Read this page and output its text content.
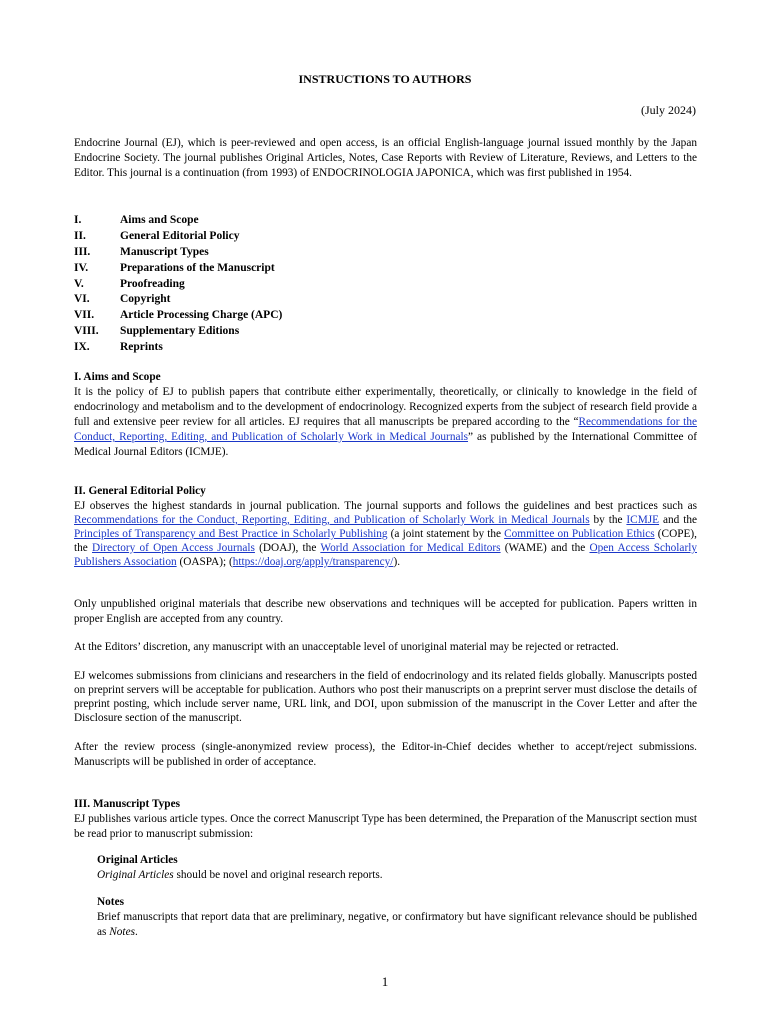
INSTRUCTIONS TO AUTHORS
(July 2024)

Endocrine Journal (EJ), which is peer-reviewed and open access, is an official English-language journal issued monthly by the Japan Endocrine Society. The journal publishes Original Articles, Notes, Case Reports with Review of Literature, Reviews, and Letters to the Editor. This journal is a continuation (from 1993) of ENDOCRINOLOGIA JAPONICA, which was first published in 1954.

I.	Aims and Scope
II.	General Editorial Policy
III.	Manuscript Types
IV.	Preparations of the Manuscript
V.	Proofreading
VI.	Copyright
VII.	Article Processing Charge (APC)
VIII.	Supplementary Editions
IX.	Reprints
I. Aims and Scope
It is the policy of EJ to publish papers that contribute either experimentally, theoretically, or clinically to knowledge in the field of endocrinology and metabolism and to the development of endocrinology. Recognized experts from the subject of research field provide a full and extensive peer review for all articles. EJ requires that all manuscripts be prepared according to the “Recommendations for the Conduct, Reporting, Editing, and Publication of Scholarly Work in Medical Journals” as published by the International Committee of Medical Journal Editors (ICMJE).
II. General Editorial Policy
EJ observes the highest standards in journal publication. The journal supports and follows the guidelines and best practices such as Recommendations for the Conduct, Reporting, Editing, and Publication of Scholarly Work in Medical Journals by the ICMJE and the Principles of Transparency and Best Practice in Scholarly Publishing (a joint statement by the Committee on Publication Ethics (COPE), the Directory of Open Access Journals (DOAJ), the World Association for Medical Editors (WAME) and the Open Access Scholarly Publishers Association (OASPA); (https://doaj.org/apply/transparency/).

Only unpublished original materials that describe new observations and techniques will be accepted for publication. Papers written in proper English are accepted from any country.

At the Editors’ discretion, any manuscript with an unacceptable level of unoriginal material may be rejected or retracted.

EJ welcomes submissions from clinicians and researchers in the field of endocrinology and its related fields globally. Manuscripts posted on preprint servers will be acceptable for publication. Authors who post their manuscripts on a preprint server must disclose the details of preprint posting, which include server name, URL link, and DOI, upon submission of the manuscript in the Cover Letter and after the Disclosure section of the manuscript.

After the review process (single-anonymized review process), the Editor-in-Chief decides whether to accept/reject submissions. Manuscripts will be published in order of acceptance.

III. Manuscript Types
EJ publishes various article types. Once the correct Manuscript Type has been determined, the Preparation of the Manuscript section must be read prior to manuscript submission:
Original Articles
Original Articles should be novel and original research reports.
Notes
Brief manuscripts that report data that are preliminary, negative, or confirmatory but have significant relevance should be published as Notes.
1
